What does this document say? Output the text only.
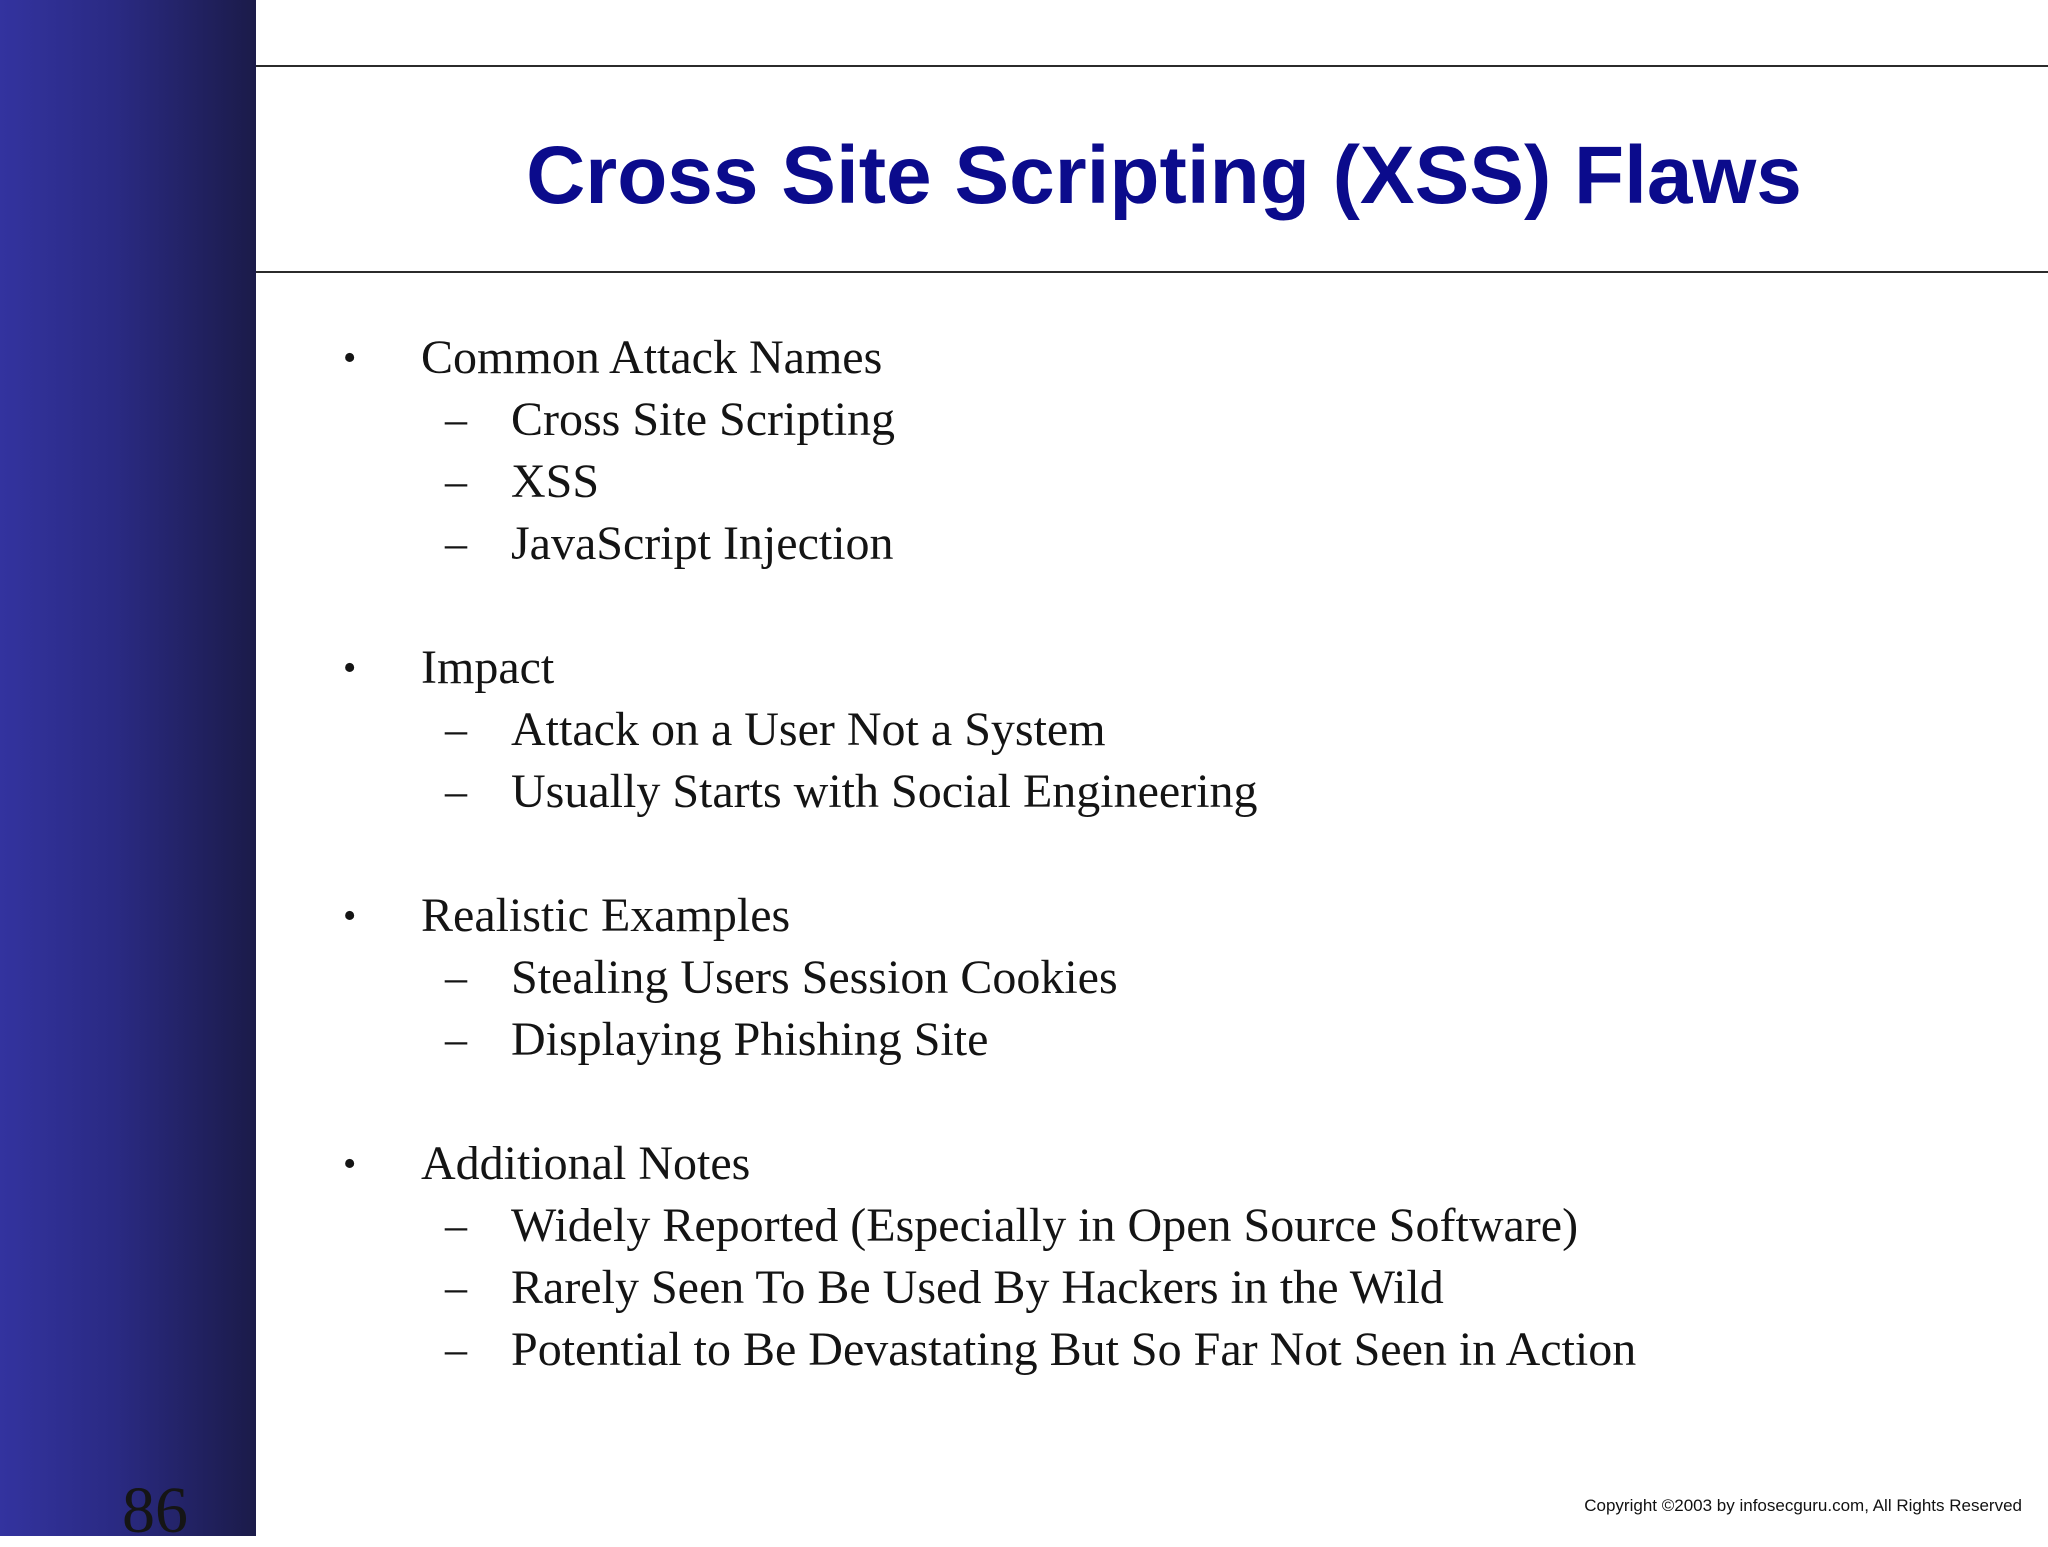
86
Cross Site Scripting (XSS) Flaws
• Common Attack Names
– Cross Site Scripting
– XSS
– JavaScript Injection
• Impact
– Attack on a User Not a System
– Usually Starts with Social Engineering
• Realistic Examples
– Stealing Users Session Cookies
– Displaying Phishing Site
• Additional Notes
– Widely Reported (Especially in Open Source Software)
– Rarely Seen To Be Used By Hackers in the Wild
– Potential to Be Devastating But So Far Not Seen in Action
Copyright ©2003 by infosecguru.com, All Rights Reserved
